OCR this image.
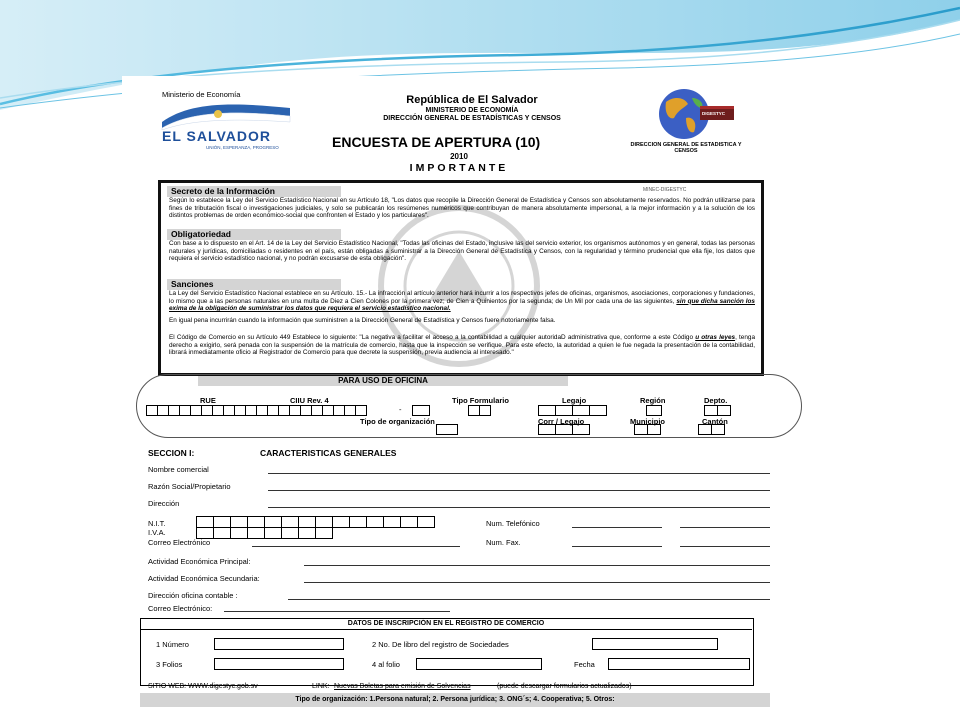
Ministerio de Economía
EL SALVADOR
UNIÓN, ESPERANZA, PROGRESO
República de El Salvador
MINISTERIO DE ECONOMÍA
DIRECCIÓN GENERAL DE ESTADÍSTICAS Y CENSOS
ENCUESTA DE APERTURA (10)
2010
IMPORTANTE
DIGESTYC
DIRECCION GENERAL DE ESTADISTICA Y CENSOS
MINEC-DIGESTYC
Secreto de la Información
Según lo establece la Ley del Servicio Estadístico Nacional en su Artículo 18, "Los datos que recopile la Dirección General de Estadística y Censos son absolutamente reservados. No podrán utilizarse para fines de tributación fiscal o investigaciones judiciales, y solo se publicarán los resúmenes numéricos que contribuyan de manera absolutamente impersonal, a la mejor información y a la solución de los distintos problemas de orden económico-social que confronten el Estado y los particulares".
Obligatoriedad
Con base a lo dispuesto en el Art. 14 de la Ley del Servicio Estadístico Nacional, "Todas las oficinas del Estado, inclusive las del servicio exterior, los organismos autónomos y en general, todas las personas naturales y jurídicas, domiciliadas o residentes en el país, están obligadas a suministrar a la Dirección General de Estadística y Censos, con la regularidad y término prudencial que ella fije, los datos que requiera el servicio estadístico nacional, y no podrán excusarse de esta obligación".
Sanciones
La Ley del Servicio Estadístico Nacional establece en su Artículo. 15.- La infracción al artículo anterior hará incurrir a los respectivos jefes de oficinas, organismos, asociaciones, corporaciones y fundaciones, lo mismo que a las personas naturales en una multa de Diez a Cien Colones por la primera vez; de Cien a Quinientos por la segunda; de Un Mil por cada una de las siguientes, sin que dicha sanción los exima de la obligación de suministrar los datos que requiera el servicio estadístico nacional.
En igual pena incurrirán cuando la información que suministren a la Dirección General de Estadística y Censos fuere notoriamente falsa.
El Código de Comercio en su Artículo 449 Establece lo siguiente: "La negativa a facilitar el acceso a la contabilidad a cualquier autoridaD administrativa que, conforme a este Código u otras leyes, tenga derecho a exigirlo, será penada con la suspensión de la matrícula de comercio, hasta que la inspección se verifique. Para este efecto, la autoridad a quien le fue negada la presentación de la contabilidad, librará inmediatamente oficio al Registrador de Comercio para que decrete la suspensión, previa audiencia al interesado."
PARA USO DE OFICINA
RUE	CIIU Rev. 4
-
Tipo Formulario	Legajo	Región	Depto.
Tipo de organización	Corr / Legajo	Municipio	Cantón
SECCION I:	CARACTERISTICAS GENERALES
Nombre comercial
Razón Social/Propietario
Dirección
N.I.T.
I.V.A.
Num. Telefónico
Correo Electrónico	Num. Fax.
Actividad Económica Principal:
Actividad Económica Secundaria:
Dirección oficina contable :
Correo Electrónico:
DATOS DE INSCRIPCIÓN EN EL REGISTRO DE COMERCIO
1 Número	2 No. De libro del registro de Sociedades
3 Folios	4 al folio	Fecha
SITIO WEB: WWW.digestyc.gob.sv	LINK: Nuevas Boletas para emisión de Solvencias	(puede descargar formularios actualizados)
Tipo de organización: 1.Persona natural; 2. Persona jurídica; 3. ONG´s; 4. Cooperativa; 5. Otros:
